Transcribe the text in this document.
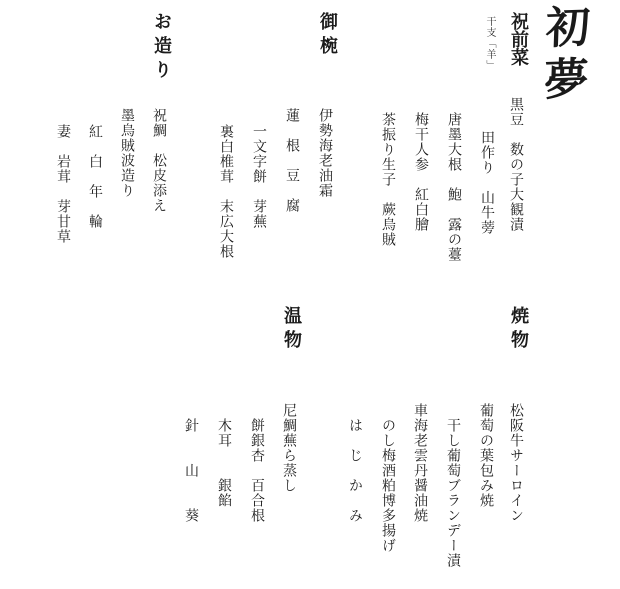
初夢
祝前菜
干支「羊」
黒豆　数の子大観漬
田作り　山牛蒡
唐墨大根　鮑　露の薹
梅干人参　紅白膾
茶振り生子　蕨烏賊
御椀
伊勢海老油霜
蓮　根　豆　腐
一文字餅　芽蕪
裏白椎茸　末広大根
お造り
祝鯛　松皮添え
墨烏賊波造り
紅　白　年　輪
妻　岩茸　芽甘草
焼物
松阪牛サーロイン
葡萄の葉包み焼
干し葡萄ブランデー漬
車海老雲丹醤油焼
のし梅酒粕博多揚げ
は　じ　か　み
温物
尼鯛蕪ら蒸し
餅銀杏　百合根
木耳　　銀餡
針　　山　　葵
